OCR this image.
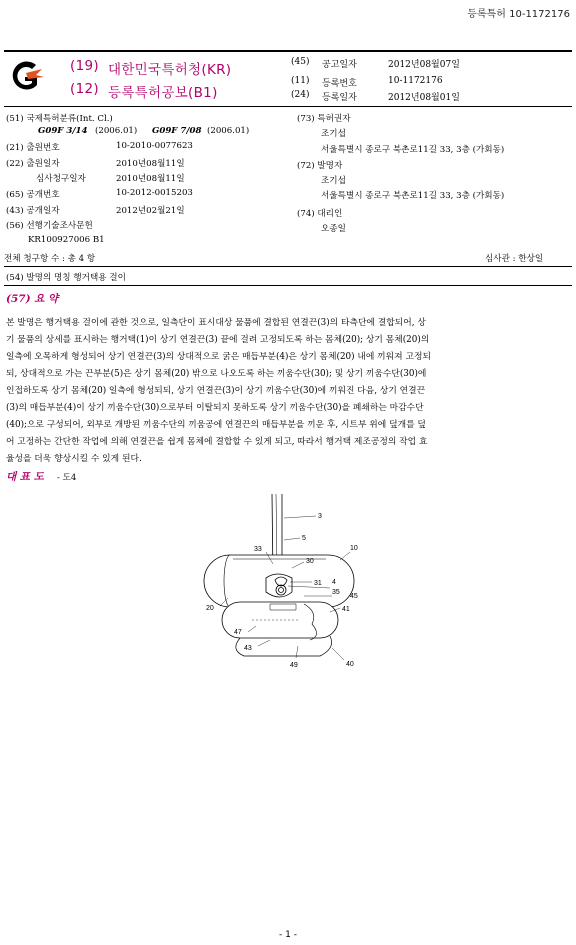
등록특허 10-1172176
(19) 대한민국특허청(KR)
(12) 등록특허공보(B1)
(45) 공고일자	2012년08월07일
(11) 등록번호	10-1172176
(24) 등록일자	2012년08월01일
(51) 국제특허분류(Int. Cl.)
G09F 3/14 (2006.01) G09F 7/08 (2006.01)
(21) 출원번호	10-2010-0077623
(22) 출원일자	2010년08월11일
심사청구일자	2010년08월11일
(65) 공개번호	10-2012-0015203
(43) 공개일자	2012년02월21일
(56) 선행기술조사문헌
KR100927006 B1
(73) 특허권자
조기섭
서울특별시 종로구 북촌로11길 33, 3층 (가회동)
(72) 발명자
조기섭
서울특별시 종로구 북촌로11길 33, 3층 (가회동)
(74) 대리인
오종일
전체 청구항 수 : 총 4 항	심사관 : 한상일
(54) 발명의 명칭 행거택용 걸이
(57) 요 약
본 발명은 행거택용 걸이에 관한 것으로, 일측단이 표시대상 물품에 결합된 연결끈(3)의 타측단에 결합되어, 상
기 물품의 상세를 표시하는 행거택(1)이 상기 연결끈(3) 끝에 걸려 고정되도록 하는 몸체(20); 상기 몸체(20)의
일측에 오목하게 형성되어 상기 연결끈(3)의 상대적으로 굵은 매듭부분(4)은 상기 몸체(20) 내에 끼워져 고정되
되, 상대적으로 가는 끈부분(5)은 상기 몸체(20) 밖으로 나오도록 하는 끼움수단(30); 및 상기 끼움수단(30)에
인접하도록 상기 몸체(20) 일측에 형성되되, 상기 연결끈(3)이 상기 끼움수단(30)에 끼워진 다음, 상기 연결끈
(3)의 매듭부분(4)이 상기 끼움수단(30)으로부터 이탈되지 못하도록 상기 끼움수단(30)을 폐쇄하는 마감수단
(40);으로 구성되어, 외부로 개방된 끼움수단의 끼움공에 연결끈의 매듭부분을 끼운 후, 시트부 위에 덮개를 덮
어 고정하는 간단한 작업에 의해 연결끈을 쉽게 몸체에 결합할 수 있게 되고, 따라서 행거택 제조공정의 작업 효
율성을 더욱 향상시킬 수 있게 된다.
대 표 도 - 도4
3
5
33
30
10
31 4
35
45
20	41
47
43
49	40
- 1 -
